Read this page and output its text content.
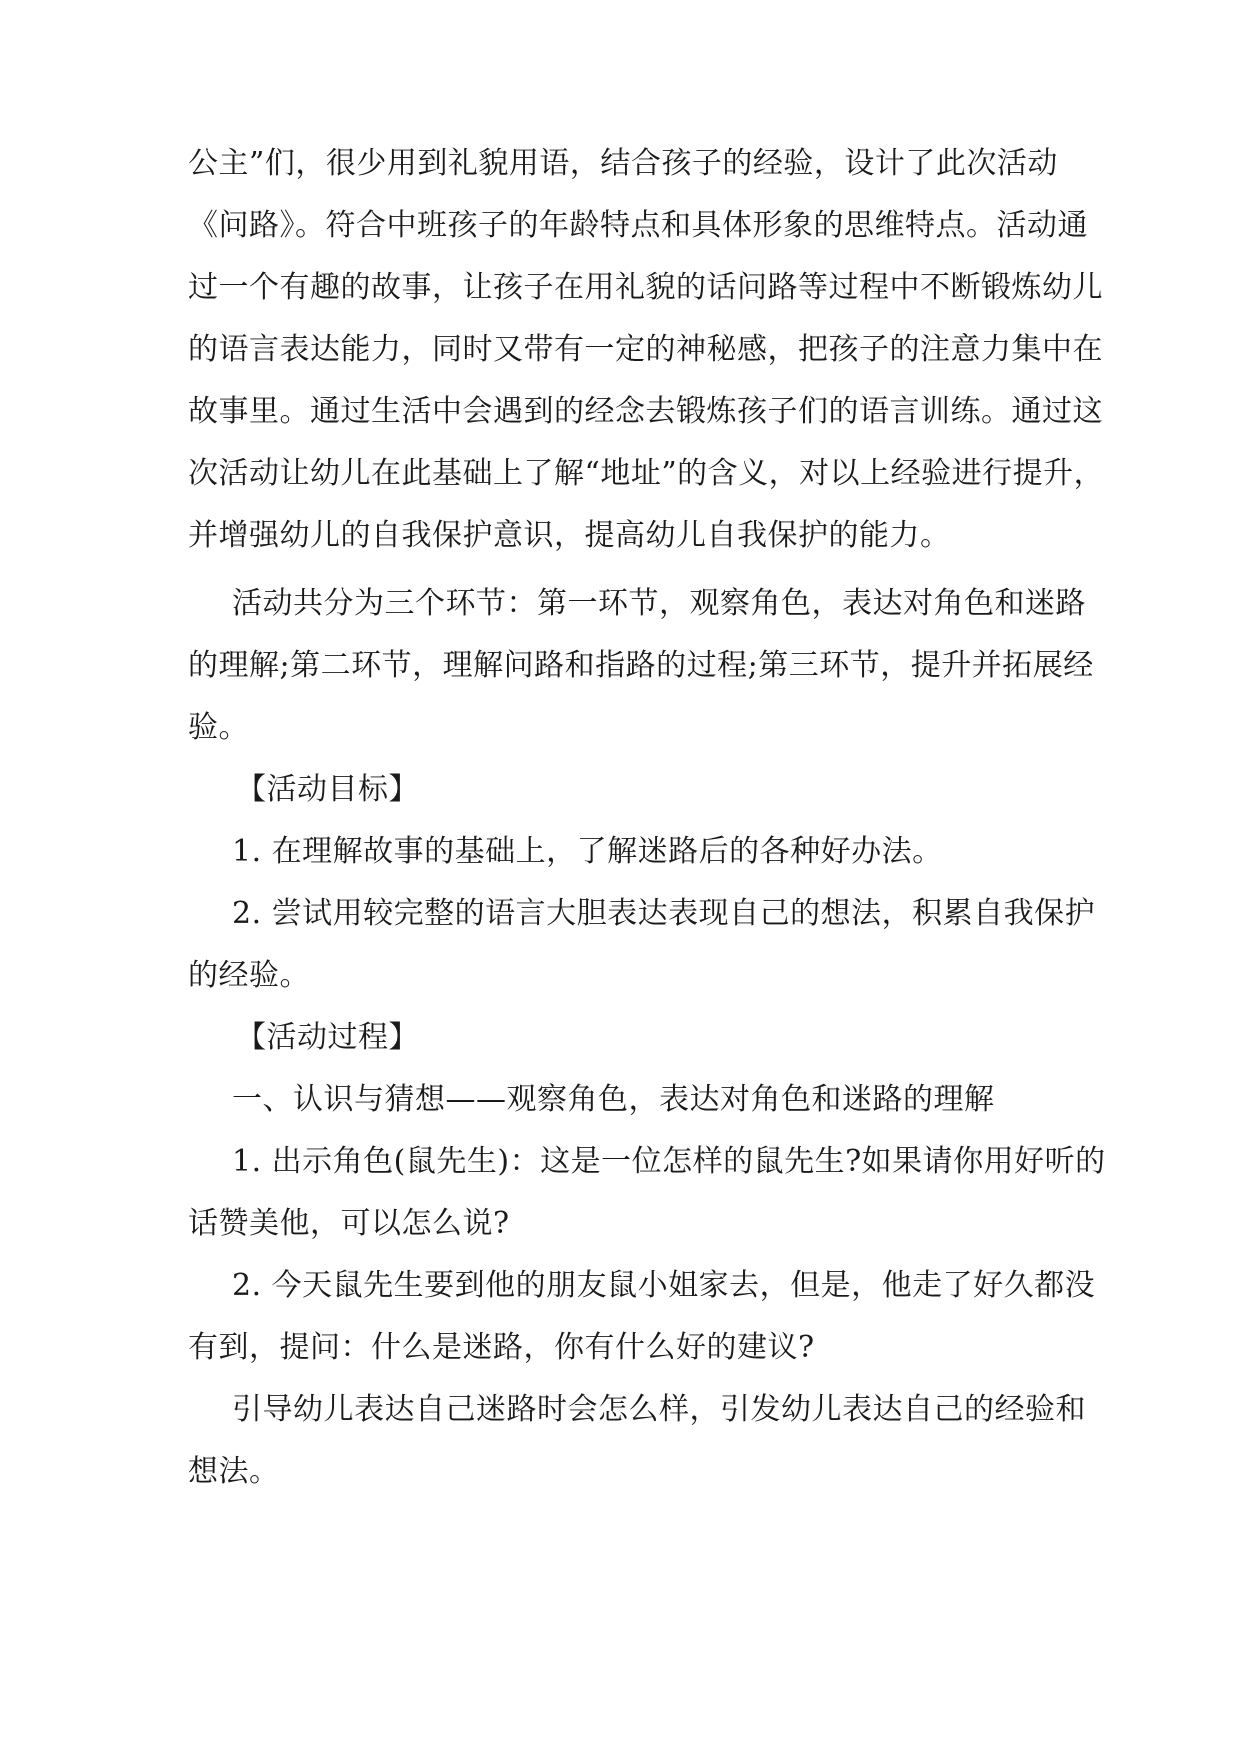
公主”们，很少用到礼貌用语，结合孩子的经验，设计了此次活动
《问路》。符合中班孩子的年龄特点和具体形象的思维特点。活动通
过一个有趣的故事，让孩子在用礼貌的话问路等过程中不断锻炼幼儿
的语言表达能力，同时又带有一定的神秘感，把孩子的注意力集中在
故事里。通过生活中会遇到的经念去锻炼孩子们的语言训练。通过这
次活动让幼儿在此基础上了解“地址”的含义，对以上经验进行提升，
并增强幼儿的自我保护意识，提高幼儿自我保护的能力。
活动共分为三个环节：第一环节，观察角色，表达对角色和迷路
的理解;第二环节，理解问路和指路的过程;第三环节，提升并拓展经
验。
【活动目标】
1. 在理解故事的基础上，了解迷路后的各种好办法。
2. 尝试用较完整的语言大胆表达表现自己的想法，积累自我保护
的经验。
【活动过程】
一、认识与猜想——观察角色，表达对角色和迷路的理解
1. 出示角色(鼠先生)：这是一位怎样的鼠先生?如果请你用好听的
话赞美他，可以怎么说?
2. 今天鼠先生要到他的朋友鼠小姐家去，但是，他走了好久都没
有到，提问：什么是迷路，你有什么好的建议?
引导幼儿表达自己迷路时会怎么样，引发幼儿表达自己的经验和
想法。
